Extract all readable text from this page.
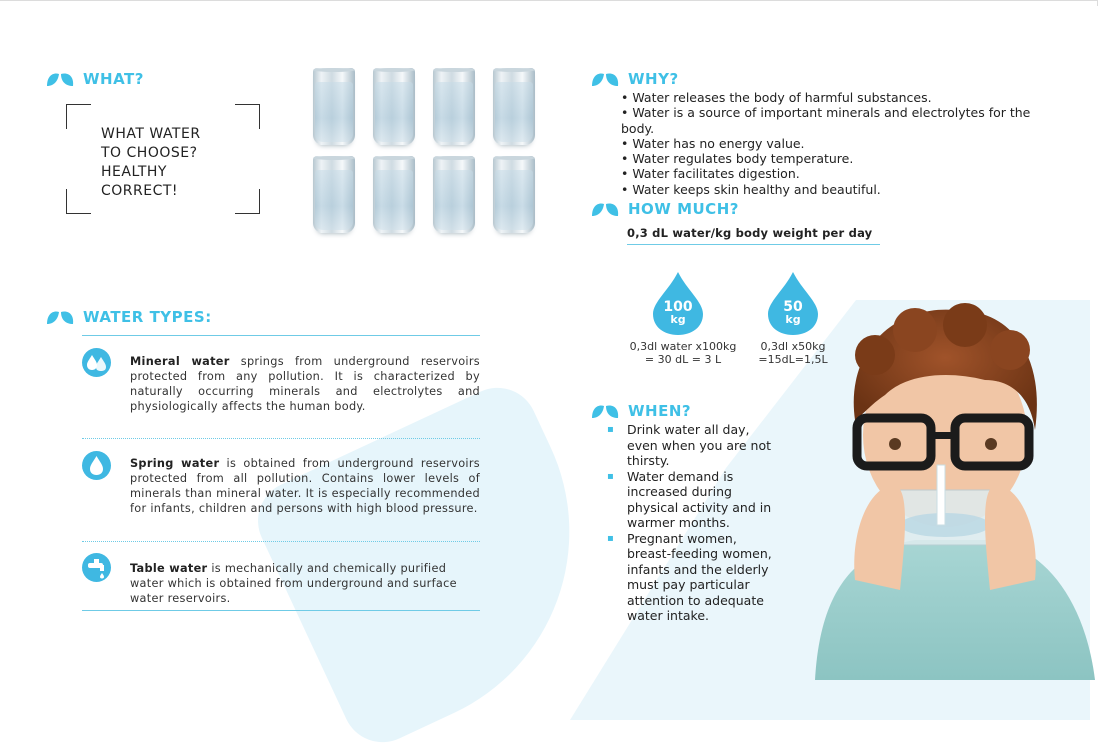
WHAT?
WHAT WATER
TO CHOOSE?
HEALTHY
CORRECT!
WHY?
• Water releases the body of harmful substances.
• Water is a source of important minerals and electrolytes for the body.
• Water has no energy value.
• Water regulates body temperature.
• Water facilitates digestion.
• Water keeps skin healthy and beautiful.
HOW MUCH?
0,3 dL water/kg body weight per day
100
kg
50
kg
0,3dl water x100kg
= 30 dL = 3 L
0,3dl x50kg
=15dL=1,5L
WHEN?
▪ Drink water all day, even when you are not thirsty.
▪ Water demand is increased during physical activity and in warmer months.
▪ Pregnant women, breast-feeding women, infants and the elderly must pay particular attention to adequate water intake.
WATER TYPES:
Mineral water springs from underground reservoirs protected from any pollution. It is characterized by naturally occurring minerals and electrolytes and physiologically affects the human body.
Spring water is obtained from underground reservoirs protected from all pollution. Contains lower levels of minerals than mineral water. It is especially recommended for infants, children and persons with high blood pressure.
Table water is mechanically and chemically purified water which is obtained from underground and surface water reservoirs.
